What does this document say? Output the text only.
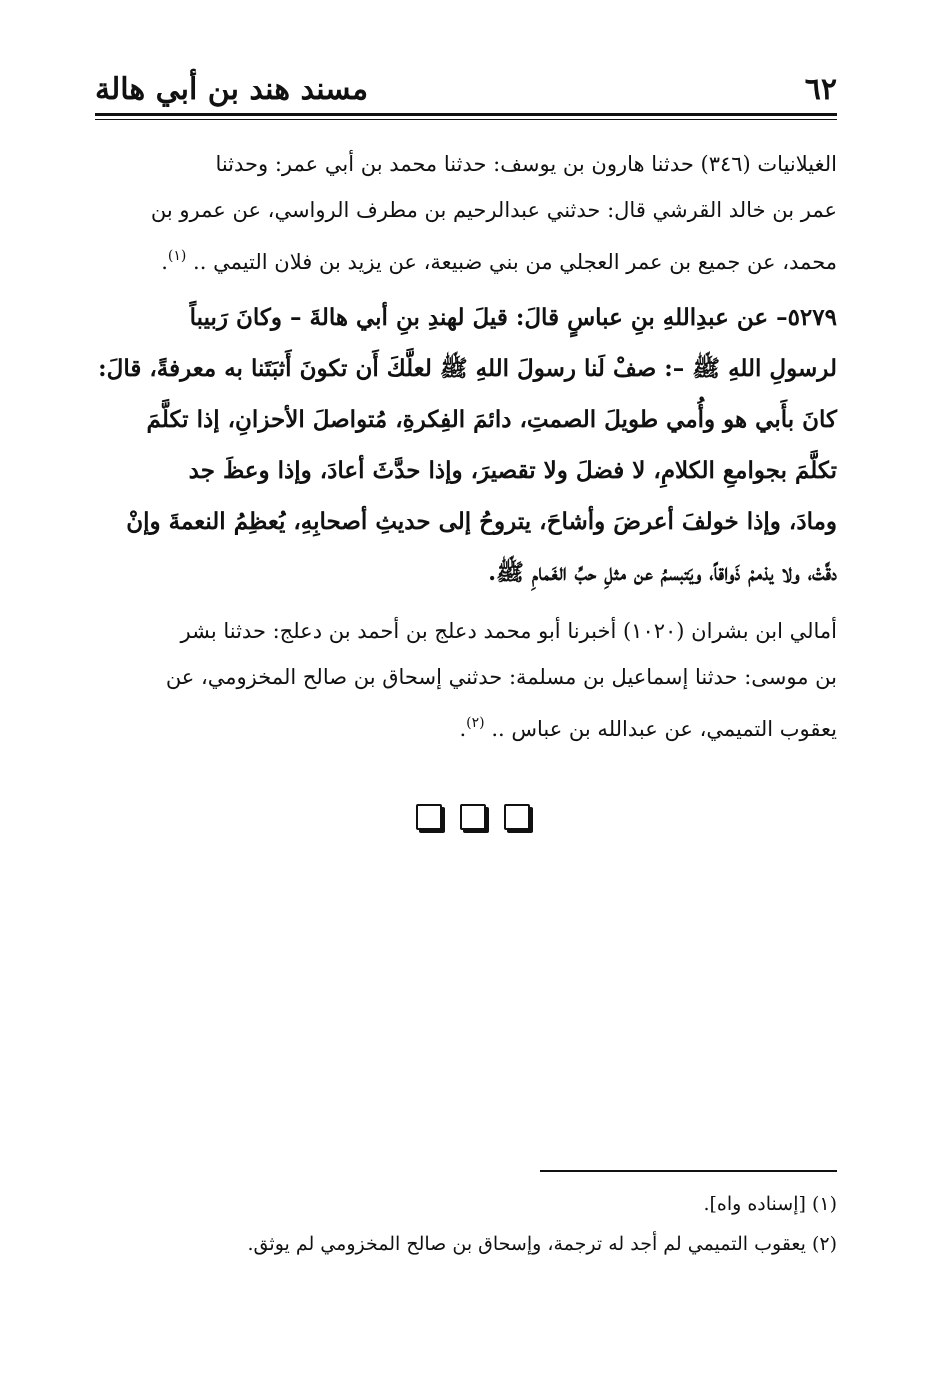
٦٢
مسند هند بن أبي هالة
الغيلانيات (٣٤٦) حدثنا هارون بن يوسف: حدثنا محمد بن أبي عمر: وحدثنا
عمر بن خالد القرشي قال: حدثني عبدالرحيم بن مطرف الرواسي، عن عمرو بن
محمد، عن جميع بن عمر العجلي من بني ضبيعة، عن يزيد بن فلان التيمي .. $^{(١)}$.
٥٢٧٩– عن عبدِاللهِ بنِ عباسٍ قالَ: قيلَ لهندِ بنِ أبي هالةَ – وكانَ رَبيباً
لرسولِ اللهِ ﷺ –: صفْ لَنا رسولَ اللهِ ﷺ لعلَّكَ أَن تكونَ أَثبَتَنا به معرفةً، قالَ:
كانَ بأَبي هو وأُمي طويلَ الصمتِ، دائمَ الفِكرةِ، مُتواصلَ الأحزانِ، إذا تكلَّمَ
تكلَّمَ بجوامعِ الكلامِ، لا فضلَ ولا تقصيرَ، وإذا حدَّثَ أعادَ، وإذا وعظَ جد
ومادَ، وإذا خولفَ أعرضَ وأشاحَ، يتروحُ إلى حديثِ أصحابِهِ، يُعظِمُ النعمةَ وإنْ
دقَّتْ، ولا يذممْ ذَواقاً، ويَتبسمُ عن مثلِ حبِّ الغَمامِ ﷺ.
أمالي ابن بشران (١٠٢٠) أخبرنا أبو محمد دعلج بن أحمد بن دعلج: حدثنا بشر
بن موسى: حدثنا إسماعيل بن مسلمة: حدثني إسحاق بن صالح المخزومي، عن
يعقوب التميمي، عن عبدالله بن عباس .. $^{(٢)}$.
(١) [إسناده واه].
(٢) يعقوب التميمي لم أجد له ترجمة، وإسحاق بن صالح المخزومي لم يوثق.
